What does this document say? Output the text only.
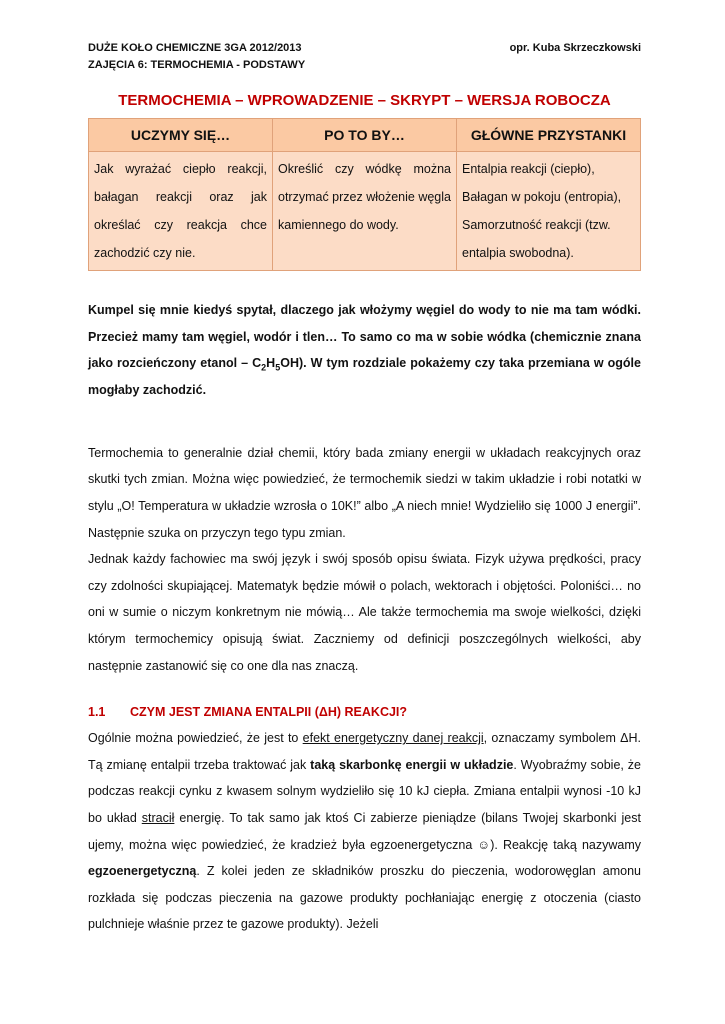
DUŻE KOŁO CHEMICZNE 3GA 2012/2013	opr. Kuba Skrzeczkowski
ZAJĘCIA 6: TERMOCHEMIA - PODSTAWY
TERMOCHEMIA – WPROWADZENIE – SKRYPT – WERSJA ROBOCZA
UCZYMY SIĘ…	PO TO BY…	GŁÓWNE PRZYSTANKI
Jak wyrażać ciepło reakcji, bałagan reakcji oraz jak określać czy reakcja chce zachodzić czy nie.	Określić czy wódkę można otrzymać przez włożenie węgla kamiennego do wody.	Entalpia reakcji (ciepło), Bałagan w pokoju (entropia), Samorzutność reakcji (tzw. entalpia swobodna).

Kumpel się mnie kiedyś spytał, dlaczego jak włożymy węgiel do wody to nie ma tam wódki. Przecież mamy tam węgiel, wodór i tlen… To samo co ma w sobie wódka (chemicznie znana jako rozcieńczony etanol – $C_2H_5OH$). W tym rozdziale pokażemy czy taka przemiana w ogóle mogłaby zachodzić.

Termochemia to generalnie dział chemii, który bada zmiany energii w układach reakcyjnych oraz skutki tych zmian. Można więc powiedzieć, że termochemik siedzi w takim układzie i robi notatki w stylu „O! Temperatura w układzie wzrosła o 10K!” albo „A niech mnie! Wydzieliło się 1000 J energii”. Następnie szuka on przyczyn tego typu zmian.

Jednak każdy fachowiec ma swój język i swój sposób opisu świata. Fizyk używa prędkości, pracy czy zdolności skupiającej. Matematyk będzie mówił o polach, wektorach i objętości. Poloniści… no oni w sumie o niczym konkretnym nie mówią… Ale także termochemia ma swoje wielkości, dzięki którym termochemicy opisują świat. Zaczniemy od definicji poszczególnych wielkości, aby następnie zastanowić się co one dla nas znaczą.

1.1 CZYM JEST ZMIANA ENTALPII (ΔH) REAKCJI?

Ogólnie można powiedzieć, że jest to efekt energetyczny danej reakcji, oznaczamy symbolem ΔH. Tą zmianę entalpii trzeba traktować jak taką skarbonkę energii w układzie. Wyobraźmy sobie, że podczas reakcji cynku z kwasem solnym wydzieliło się 10 kJ ciepła. Zmiana entalpii wynosi -10 kJ bo układ stracił energię. To tak samo jak ktoś Ci zabierze pieniądze (bilans Twojej skarbonki jest ujemy, można więc powiedzieć, że kradzież była egzoenergetyczna ☺). Reakcję taką nazywamy egzoenergetyczną. Z kolei jeden ze składników proszku do pieczenia, wodorowęglan amonu rozkłada się podczas pieczenia na gazowe produkty pochłaniając energię z otoczenia (ciasto pulchnieje właśnie przez te gazowe produkty). Jeżeli
